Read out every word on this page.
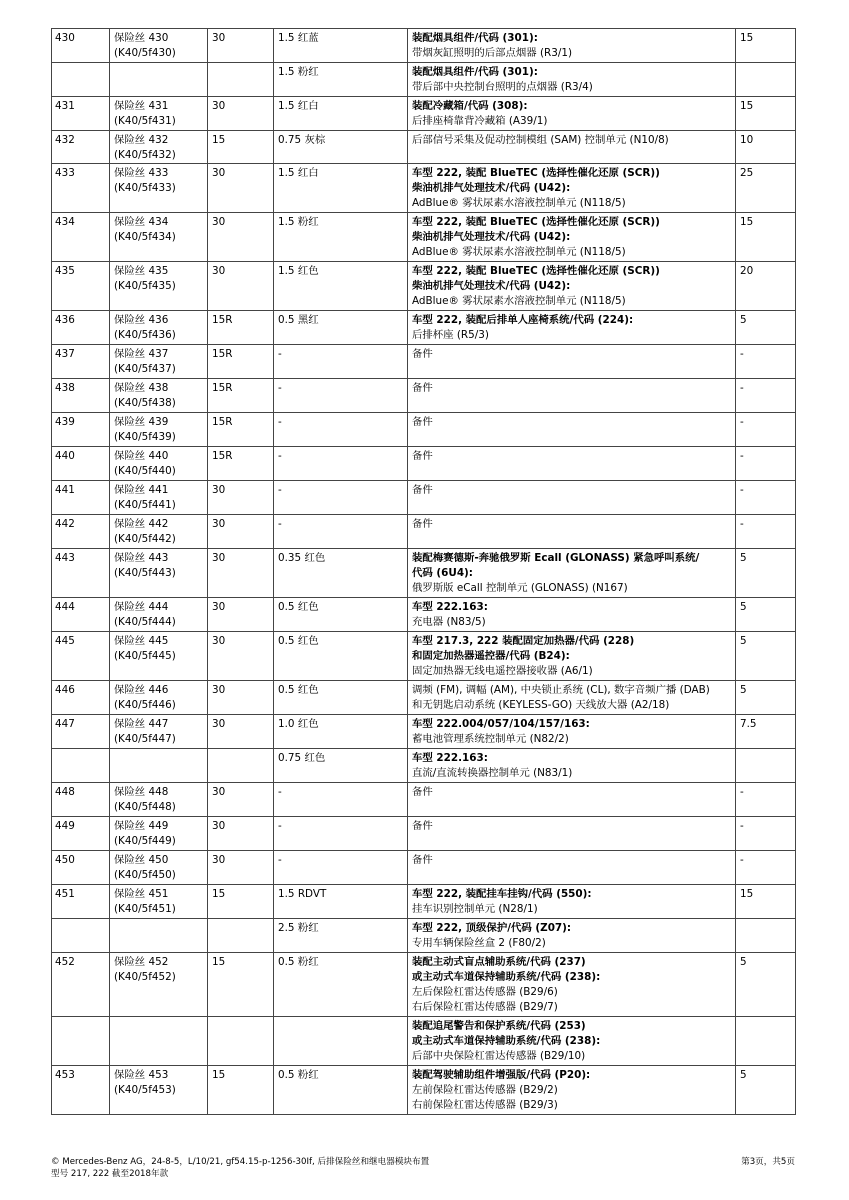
430	保险丝 430
(K40/5f430)	30	1.5 红蓝	装配烟具组件/代码 (301):
带烟灰缸照明的后部点烟器 (R3/1)	15
			1.5 粉红	装配烟具组件/代码 (301):
带后部中央控制台照明的点烟器 (R3/4)	

431	保险丝 431
(K40/5f431)	30	1.5 红白	装配冷藏箱/代码 (308):
后排座椅靠背冷藏箱 (A39/1)	15
432	保险丝 432
(K40/5f432)	15	0.75 灰棕	后部信号采集及促动控制模组 (SAM) 控制单元 (N10/8)	10
433	保险丝 433
(K40/5f433)	30	1.5 红白	车型 222, 装配 BlueTEC (选择性催化还原 (SCR))
柴油机排气处理技术/代码 (U42):
AdBlue® 雾状尿素水溶液控制单元 (N118/5)	25
434	保险丝 434
(K40/5f434)	30	1.5 粉红	车型 222, 装配 BlueTEC (选择性催化还原 (SCR))
柴油机排气处理技术/代码 (U42):
AdBlue® 雾状尿素水溶液控制单元 (N118/5)	15
435	保险丝 435
(K40/5f435)	30	1.5 红色	车型 222, 装配 BlueTEC (选择性催化还原 (SCR))
柴油机排气处理技术/代码 (U42):
AdBlue® 雾状尿素水溶液控制单元 (N118/5)	20
436	保险丝 436
(K40/5f436)	15R	0.5 黑红	车型 222, 装配后排单人座椅系统/代码 (224):
后排杯座 (R5/3)	5
437	保险丝 437
(K40/5f437)	15R	-	备件	-
438	保险丝 438
(K40/5f438)	15R	-	备件	-
439	保险丝 439
(K40/5f439)	15R	-	备件	-
440	保险丝 440
(K40/5f440)	15R	-	备件	-
441	保险丝 441
(K40/5f441)	30	-	备件	-
442	保险丝 442
(K40/5f442)	30	-	备件	-
443	保险丝 443
(K40/5f443)	30	0.35 红色	装配梅赛德斯-奔驰俄罗斯 Ecall (GLONASS) 紧急呼叫系统/
代码 (6U4):
俄罗斯版 eCall 控制单元 (GLONASS) (N167)	5
444	保险丝 444
(K40/5f444)	30	0.5 红色	车型 222.163:
充电器 (N83/5)	5
445	保险丝 445
(K40/5f445)	30	0.5 红色	车型 217.3, 222 装配固定加热器/代码 (228)
和固定加热器遥控器/代码 (B24):
固定加热器无线电遥控器接收器 (A6/1)	5
446	保险丝 446
(K40/5f446)	30	0.5 红色	调频 (FM), 调幅 (AM), 中央锁止系统 (CL), 数字音频广播 (DAB)
和无钥匙启动系统 (KEYLESS-GO) 天线放大器 (A2/18)	5
447	保险丝 447
(K40/5f447)	30	1.0 红色	车型 222.004/057/104/157/163:
蓄电池管理系统控制单元 (N82/2)	7.5
			0.75 红色	车型 222.163:
直流/直流转换器控制单元 (N83/1)	

448	保险丝 448
(K40/5f448)	30	-	备件	-
449	保险丝 449
(K40/5f449)	30	-	备件	-
450	保险丝 450
(K40/5f450)	30	-	备件	-
451	保险丝 451
(K40/5f451)	15	1.5 RDVT	车型 222, 装配挂车挂钩/代码 (550):
挂车识别控制单元 (N28/1)	15
			2.5 粉红	车型 222, 顶级保护/代码 (Z07):
专用车辆保险丝盒 2 (F80/2)	

452	保险丝 452
(K40/5f452)	15	0.5 粉红	装配主动式盲点辅助系统/代码 (237)
或主动式车道保持辅助系统/代码 (238):
左后保险杠雷达传感器 (B29/6)
右后保险杠雷达传感器 (B29/7)	5

				装配追尾警告和保护系统/代码 (253)
或主动式车道保持辅助系统/代码 (238):
后部中央保险杠雷达传感器 (B29/10)	

453	保险丝 453
(K40/5f453)	15	0.5 粉红	装配驾驶辅助组件增强版/代码 (P20):
左前保险杠雷达传感器 (B29/2)
右前保险杠雷达传感器 (B29/3)	5
© Mercedes-Benz AG，24-8-5，L/10/21, gf54.15-p-1256-30If, 后排保险丝和继电器模块布置
型号 217, 222 截至2018年款
第3页，共5页
